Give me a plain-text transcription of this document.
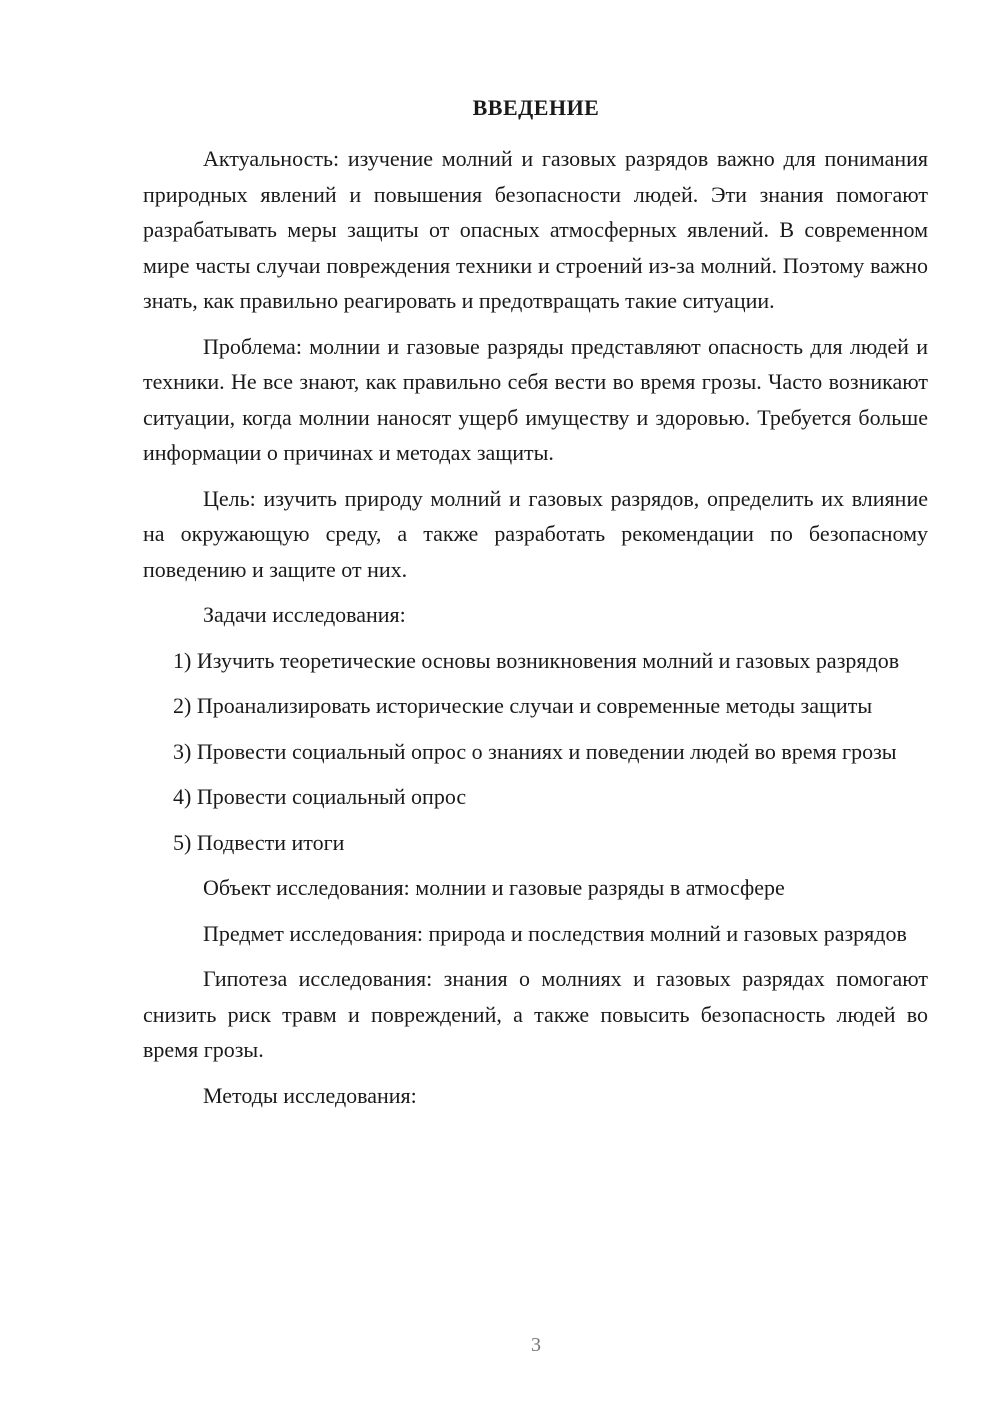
ВВЕДЕНИЕ

Актуальность: изучение молний и газовых разрядов важно для понимания природных явлений и повышения безопасности людей. Эти знания помогают разрабатывать меры защиты от опасных атмосферных явлений. В современном мире часты случаи повреждения техники и строений из-за молний. Поэтому важно знать, как правильно реагировать и предотвращать такие ситуации.

Проблема: молнии и газовые разряды представляют опасность для людей и техники. Не все знают, как правильно себя вести во время грозы. Часто возникают ситуации, когда молнии наносят ущерб имуществу и здоровью. Требуется больше информации о причинах и методах защиты.

Цель: изучить природу молний и газовых разрядов, определить их влияние на окружающую среду, а также разработать рекомендации по безопасному поведению и защите от них.

Задачи исследования:

1) Изучить теоретические основы возникновения молний и газовых разрядов

2) Проанализировать исторические случаи и современные методы защиты

3) Провести социальный опрос о знаниях и поведении людей во время грозы

4) Провести социальный опрос

5) Подвести итоги

Объект исследования: молнии и газовые разряды в атмосфере

Предмет исследования: природа и последствия молний и газовых разрядов

Гипотеза исследования: знания о молниях и газовых разрядах помогают снизить риск травм и повреждений, а также повысить безопасность людей во время грозы.

Методы исследования:

3
